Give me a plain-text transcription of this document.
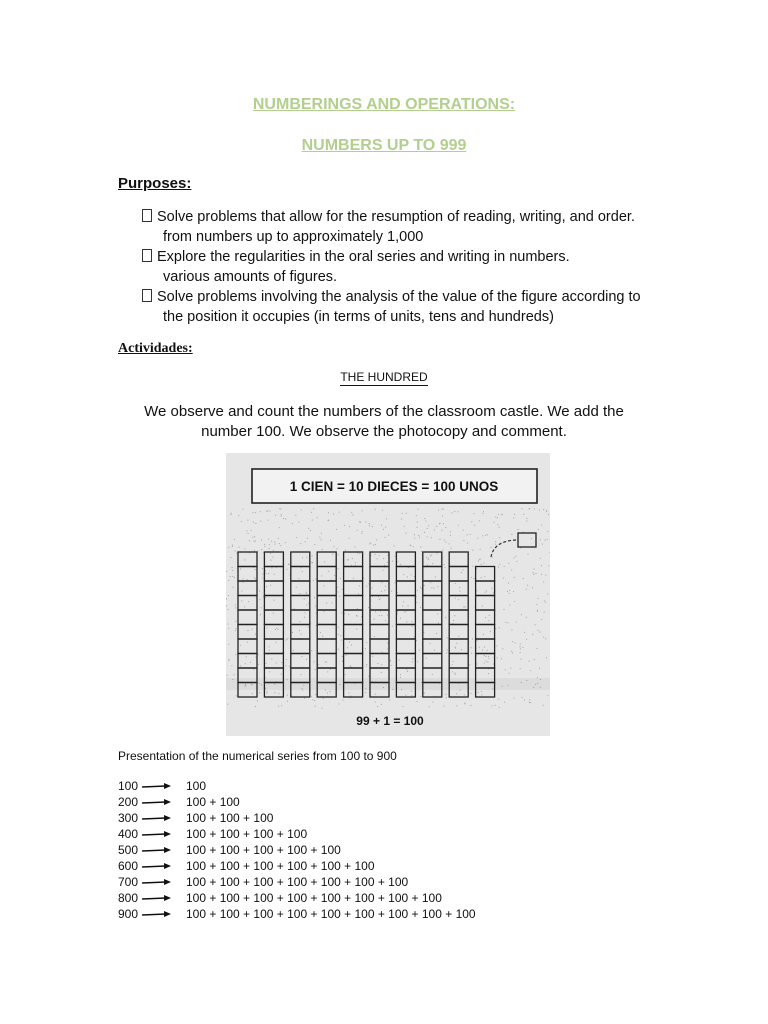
NUMBERINGS AND OPERATIONS:
NUMBERS UP TO 999
Purposes:
Solve problems that allow for the resumption of reading, writing, and order.
from numbers up to approximately 1,000
Explore the regularities in the oral series and writing in numbers.
various amounts of figures.
Solve problems involving the analysis of the value of the figure according to
the position it occupies (in terms of units, tens and hundreds)
Actividades:
THE HUNDRED
We observe and count the numbers of the classroom castle. We add the
number 100. We observe the photocopy and comment.
1 CIEN = 10 DIECES = 100 UNOS
99 + 1 = 100
Presentation of the numerical series from 100 to 900
100	100
200	100 + 100
300	100 + 100 + 100
400	100 + 100 + 100 + 100
500	100 + 100 + 100 + 100 + 100
600	100 + 100 + 100 + 100 + 100 + 100
700	100 + 100 + 100 + 100 + 100 + 100 + 100
800	100 + 100 + 100 + 100 + 100 + 100 + 100 + 100
900	100 + 100 + 100 + 100 + 100 + 100 + 100 + 100 + 100
